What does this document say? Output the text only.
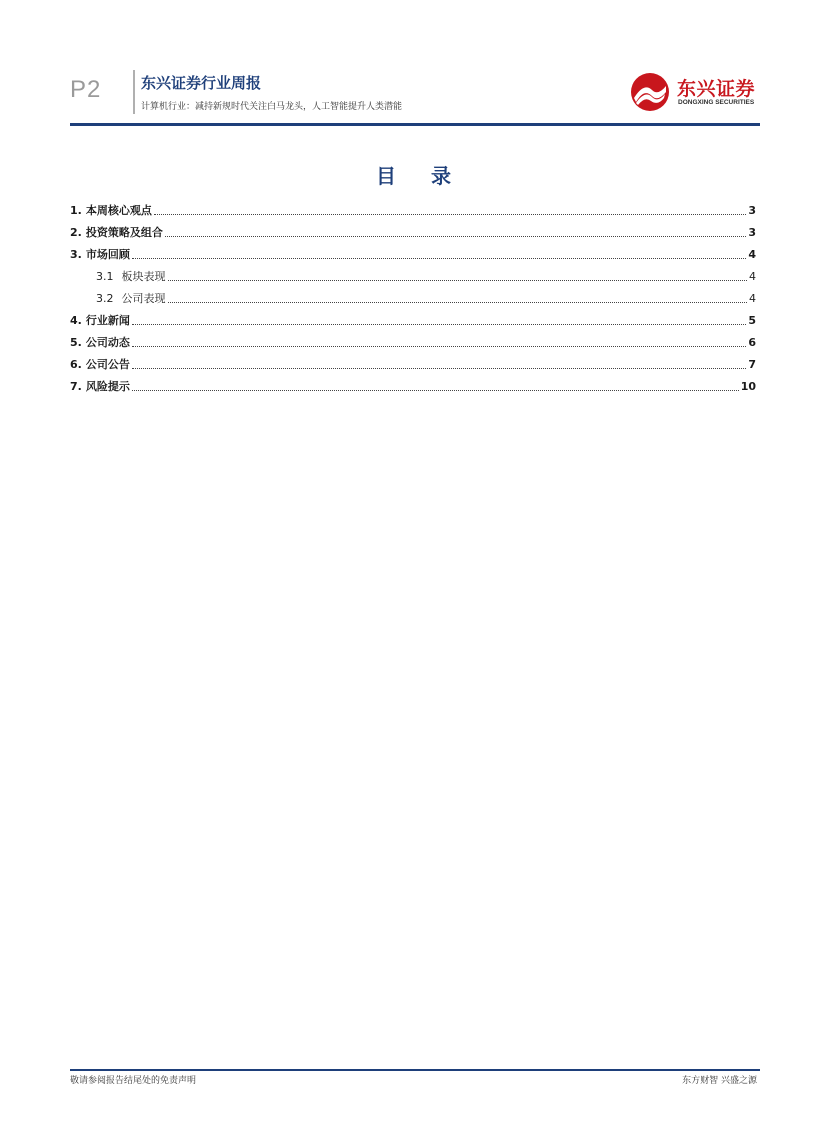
P2	东兴证券行业周报
计算机行业：减持新规时代关注白马龙头，人工智能提升人类潜能
东兴证券
DONGXING SECURITIES
目 录
1. 本周核心观点	3
2. 投资策略及组合	3
3. 市场回顾	4
3.1 板块表现	4
3.2 公司表现	4
4. 行业新闻	5
5. 公司动态	6
6. 公司公告	7
7. 风险提示	10
敬请参阅报告结尾处的免责声明	东方财智 兴盛之源
